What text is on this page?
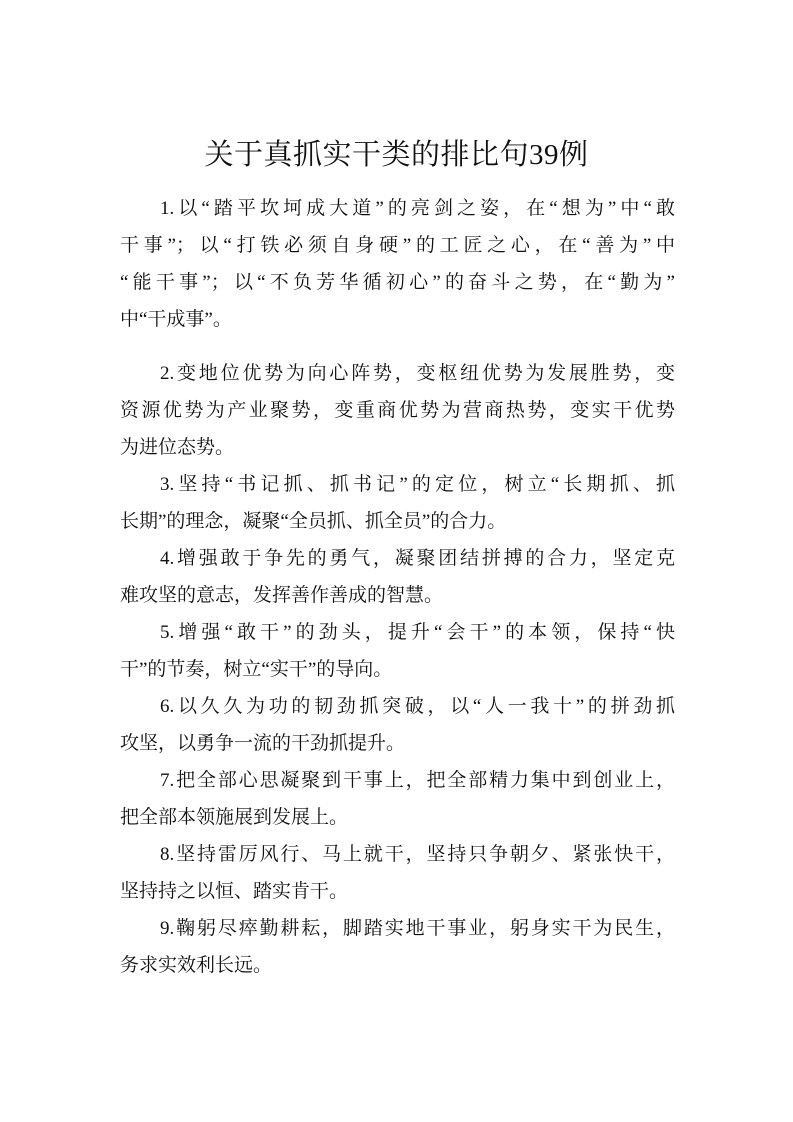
关于真抓实干类的排比句39例
1.以“踏平坎坷成大道”的亮剑之姿，在“想为”中“敢
干事”；以“打铁必须自身硬”的工匠之心，在“善为”中
“能干事”；以“不负芳华循初心”的奋斗之势，在“勤为”
中“干成事”。
2.变地位优势为向心阵势，变枢纽优势为发展胜势，变
资源优势为产业聚势，变重商优势为营商热势，变实干优势
为进位态势。
3.坚持“书记抓、抓书记”的定位，树立“长期抓、抓
长期”的理念，凝聚“全员抓、抓全员”的合力。
4.增强敢于争先的勇气，凝聚团结拼搏的合力，坚定克
难攻坚的意志，发挥善作善成的智慧。
5.增强“敢干”的劲头，提升“会干”的本领，保持“快
干”的节奏，树立“实干”的导向。
6.以久久为功的韧劲抓突破，以“人一我十”的拼劲抓
攻坚，以勇争一流的干劲抓提升。
7.把全部心思凝聚到干事上，把全部精力集中到创业上，
把全部本领施展到发展上。
8.坚持雷厉风行、马上就干，坚持只争朝夕、紧张快干，
坚持持之以恒、踏实肯干。
9.鞠躬尽瘁勤耕耘，脚踏实地干事业，躬身实干为民生，
务求实效利长远。
